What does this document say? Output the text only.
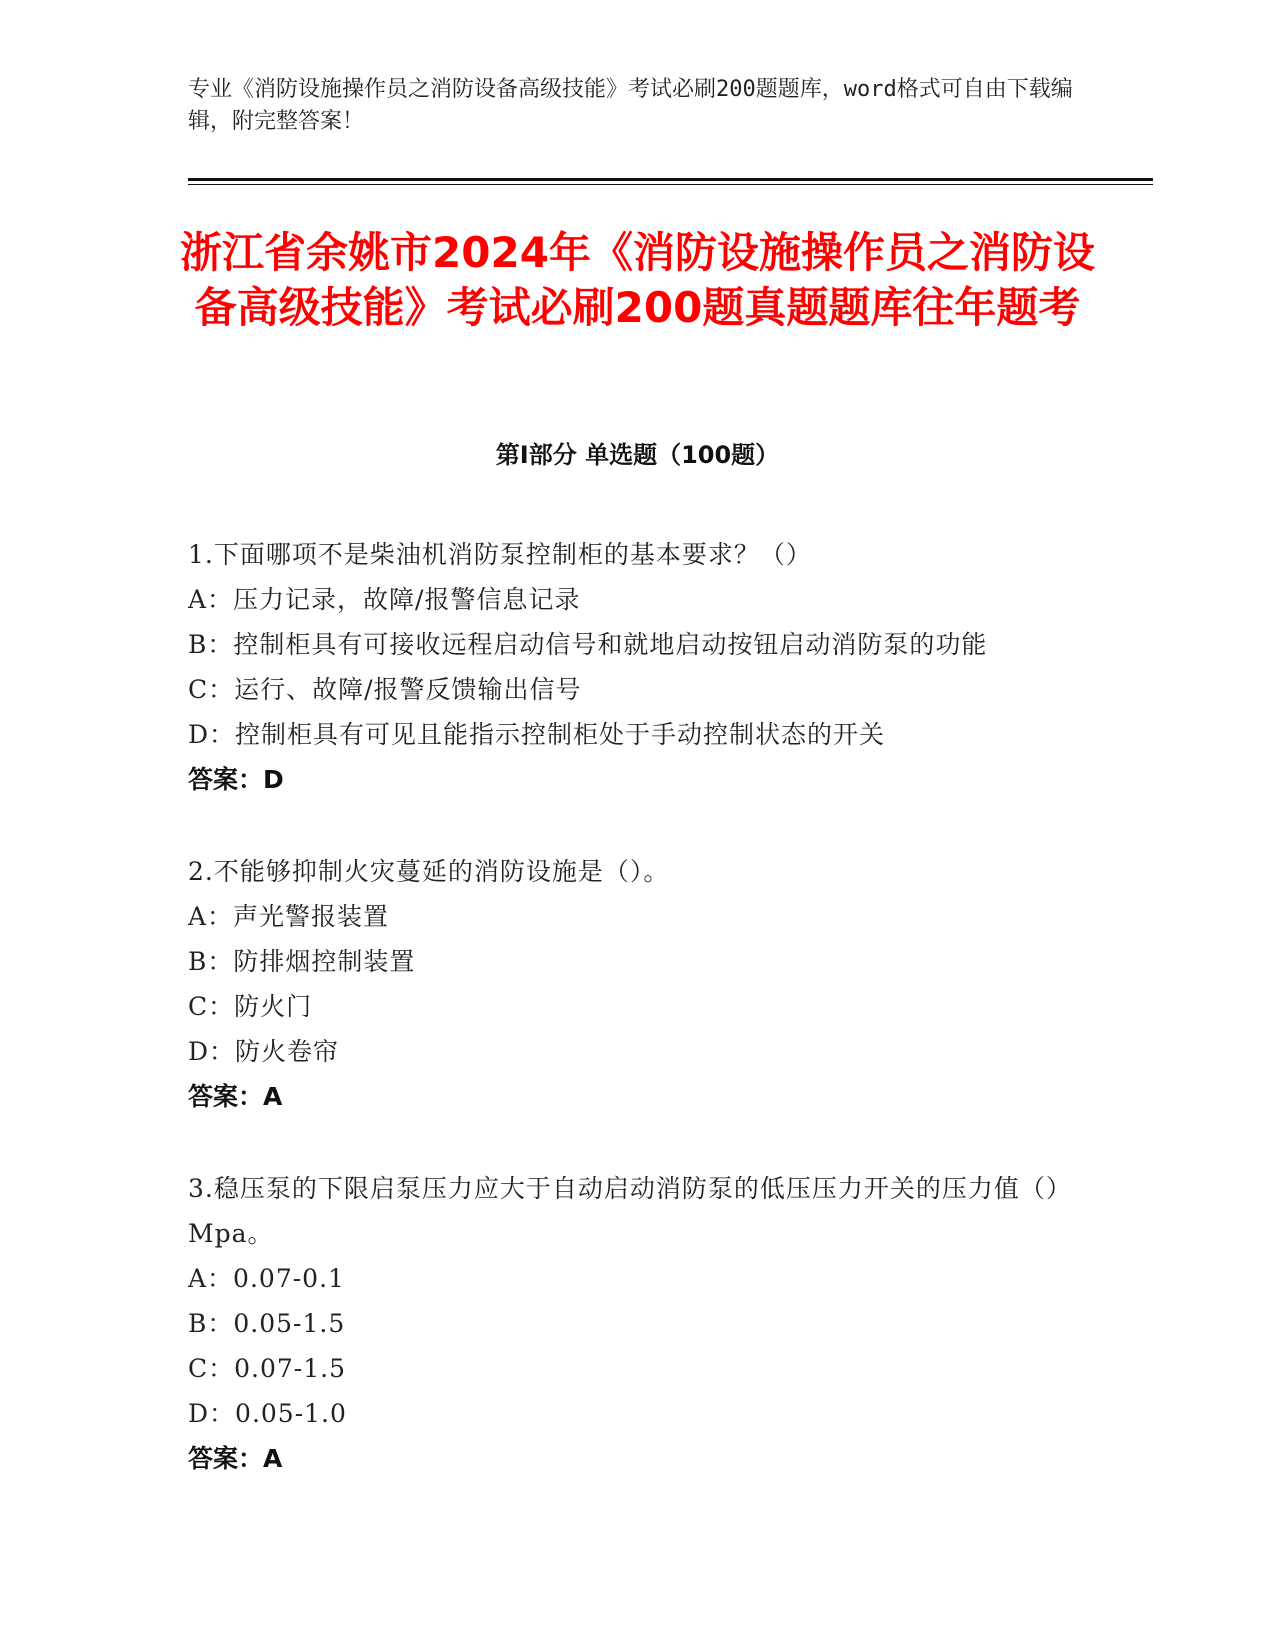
专业《消防设施操作员之消防设备高级技能》考试必刷200题题库，word格式可自由下载编辑，附完整答案！
浙江省余姚市2024年《消防设施操作员之消防设备高级技能》考试必刷200题真题题库往年题考
第I部分 单选题（100题）
1.下面哪项不是柴油机消防泵控制柜的基本要求？（）
A：压力记录，故障/报警信息记录
B：控制柜具有可接收远程启动信号和就地启动按钮启动消防泵的功能
C：运行、故障/报警反馈输出信号
D：控制柜具有可见且能指示控制柜处于手动控制状态的开关
答案：D
2.不能够抑制火灾蔓延的消防设施是（）。
A：声光警报装置
B：防排烟控制装置
C：防火门
D：防火卷帘
答案：A
3.稳压泵的下限启泵压力应大于自动启动消防泵的低压压力开关的压力值（）Mpa。
A：0.07-0.1
B：0.05-1.5
C：0.07-1.5
D：0.05-1.0
答案：A
